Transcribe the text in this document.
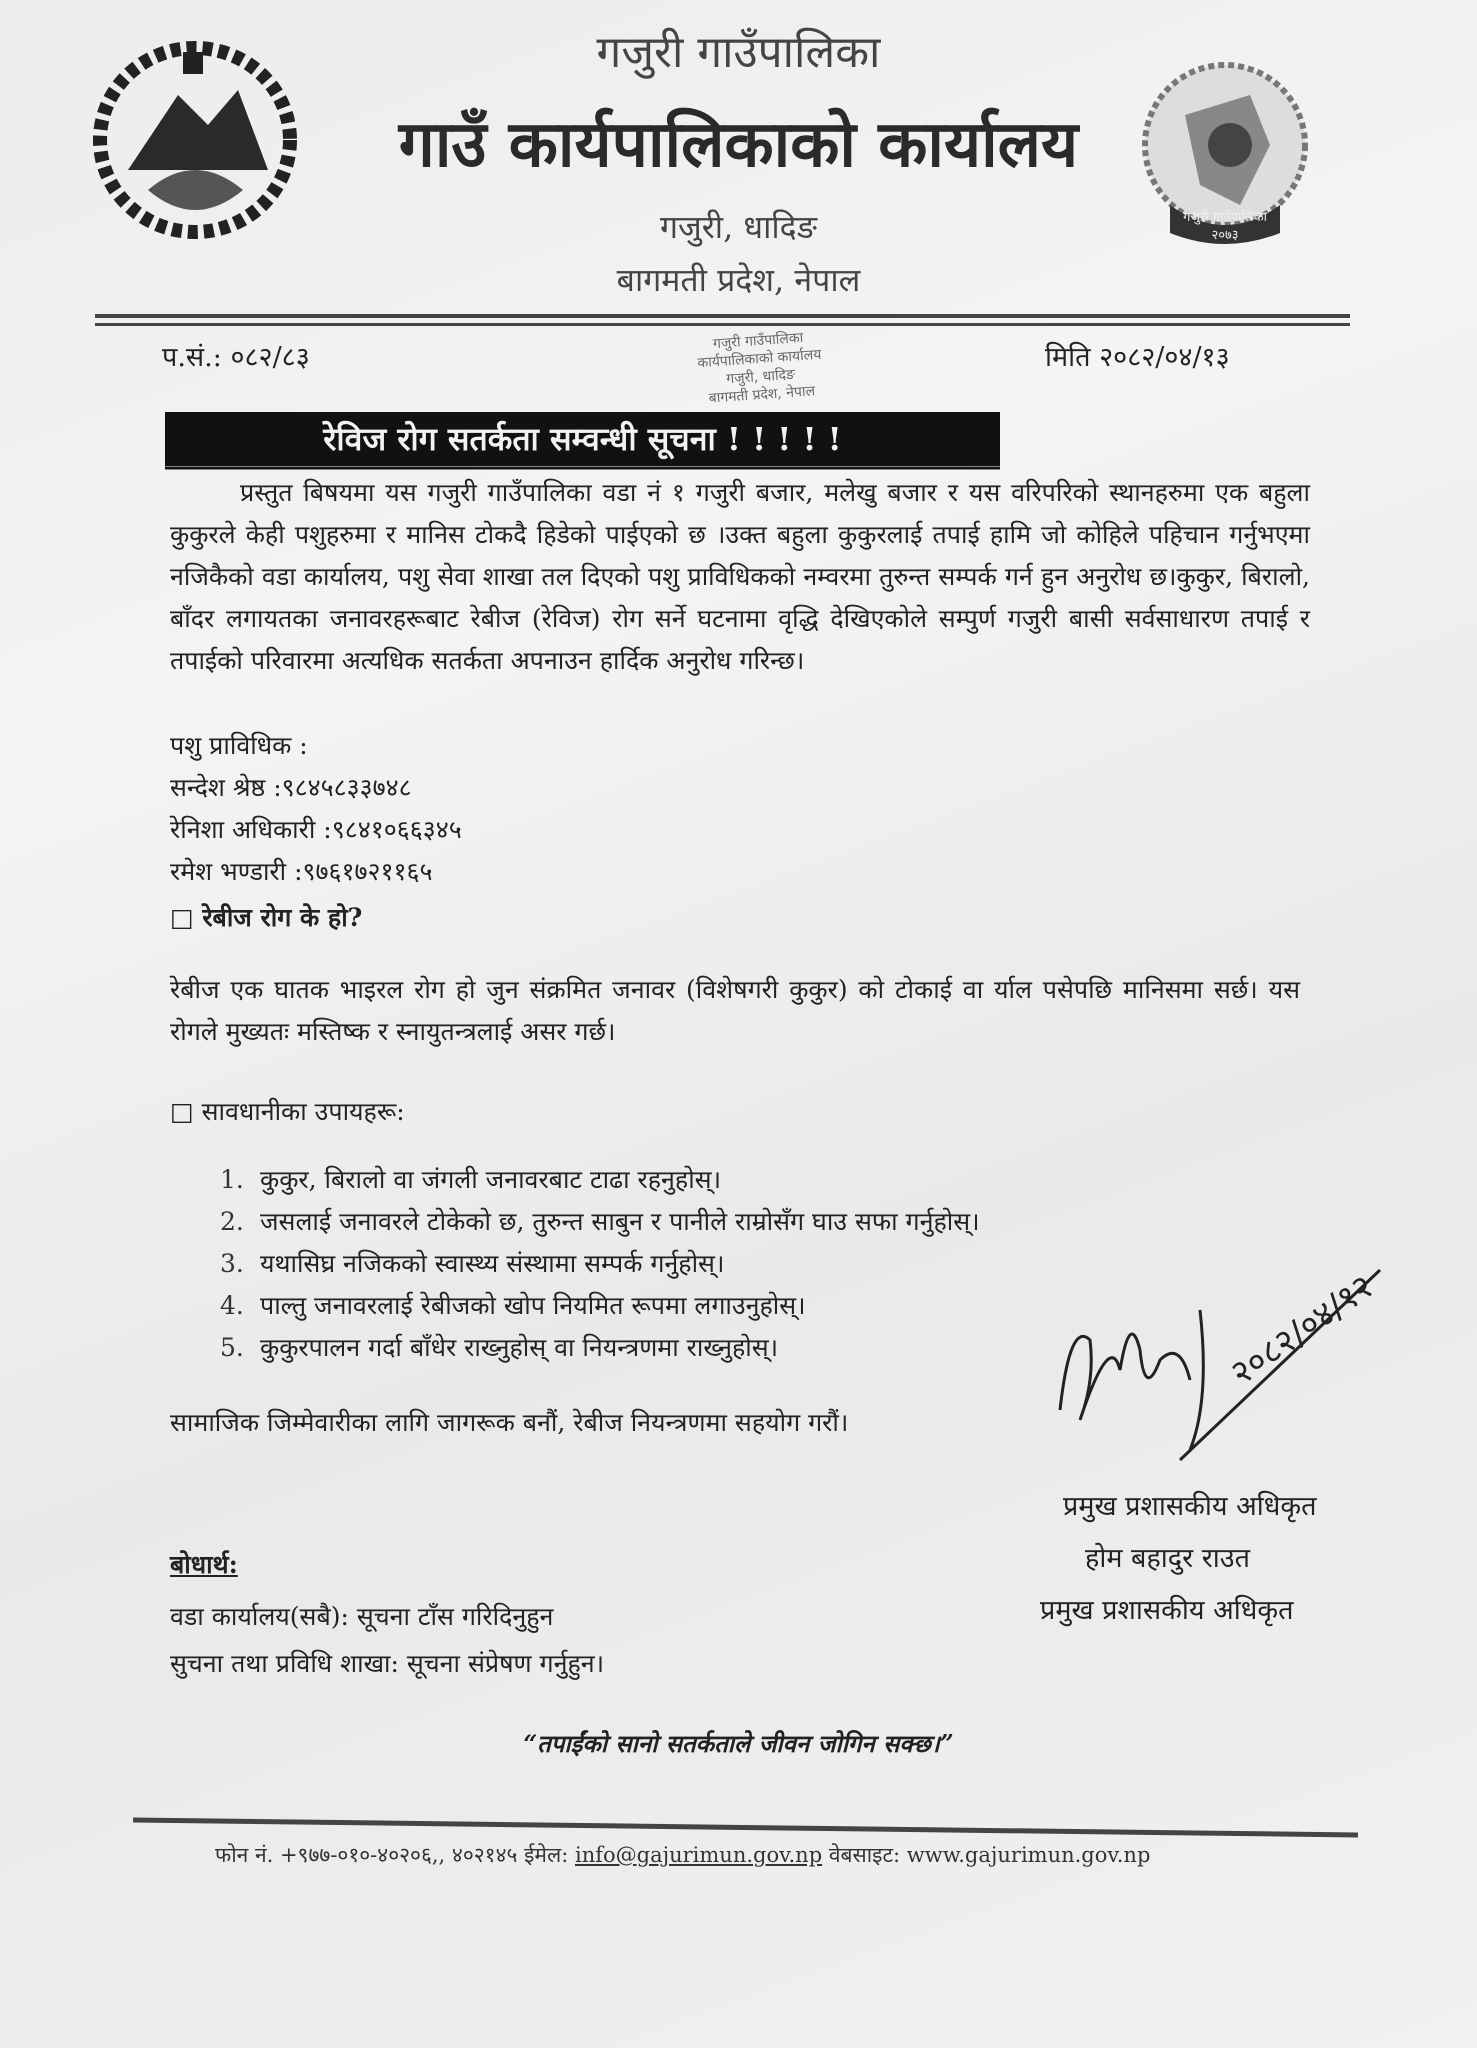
गजुरी गाउँपालिका २०७३
गजुरी गाउँपालिका
गाउँ कार्यपालिकाको कार्यालय
गजुरी, धादिङ
बागमती प्रदेश, नेपाल
गजुरी गाउँपालिका
कार्यपालिकाको कार्यालय
गजुरी, धादिङ
बागमती प्रदेश, नेपाल
प.सं.: ०८२/८३	मिति २०८२/०४/१३
रेविज रोग सतर्कता सम्वन्धी सूचना ! ! ! ! !
प्रस्तुत बिषयमा यस गजुरी गाउँपालिका वडा नं १ गजुरी बजार, मलेखु बजार र यस वरिपरिको स्थानहरुमा एक बहुला कुकुरले केही पशुहरुमा र मानिस टोकदै हिडेको पाईएको छ ।उक्त बहुला कुकुरलाई तपाई हामि जो कोहिले पहिचान गर्नुभएमा नजिकैको वडा कार्यालय, पशु सेवा शाखा तल दिएको पशु प्राविधिकको नम्वरमा तुरुन्त सम्पर्क गर्न हुन अनुरोध छ।कुकुर, बिरालो, बाँदर लगायतका जनावरहरूबाट रेबीज (रेविज) रोग सर्ने घटनामा वृद्धि देखिएकोले सम्पुर्ण गजुरी बासी सर्वसाधारण तपाई र तपाईको परिवारमा अत्यधिक सतर्कता अपनाउन हार्दिक अनुरोध गरिन्छ।
पशु प्राविधिक :
सन्देश श्रेष्ठ :९८४५८३३७४८
रेनिशा अधिकारी :९८४१०६६३४५
रमेश भण्डारी :९७६१७२११६५
□ रेबीज रोग के हो?
रेबीज एक घातक भाइरल रोग हो जुन संक्रमित जनावर (विशेषगरी कुकुर) को टोकाई वा र्याल पसेपछि मानिसमा सर्छ। यस रोगले मुख्यतः मस्तिष्क र स्नायुतन्त्रलाई असर गर्छ।
□ सावधानीका उपायहरू:
1. कुकुर, बिरालो वा जंगली जनावरबाट टाढा रहनुहोस्।
2. जसलाई जनावरले टोकेको छ, तुरुन्त साबुन र पानीले राम्रोसँग घाउ सफा गर्नुहोस्।
3. यथासिघ्र नजिकको स्वास्थ्य संस्थामा सम्पर्क गर्नुहोस्।
4. पाल्तु जनावरलाई रेबीजको खोप नियमित रूपमा लगाउनुहोस्।
5. कुकुरपालन गर्दा बाँधेर राख्नुहोस् वा नियन्त्रणमा राख्नुहोस्।
सामाजिक जिम्मेवारीका लागि जागरूक बनौं, रेबीज नियन्त्रणमा सहयोग गरौं।
बोधार्थ:
वडा कार्यालय(सबै): सूचना टाँस गरिदिनुहुन
सुचना तथा प्रविधि शाखा: सूचना संप्रेषण गर्नुहुन।
२०८२/०४/१२
प्रमुख प्रशासकीय अधिकृत
होम बहादुर राउत
प्रमुख प्रशासकीय अधिकृत
“तपाईंको सानो सतर्कताले जीवन जोगिन सक्छ।”
फोन नं. +९७७-०१०-४०२०६,, ४०२१४५ ईमेल: info@gajurimun.gov.np वेबसाइट: www.gajurimun.gov.np
